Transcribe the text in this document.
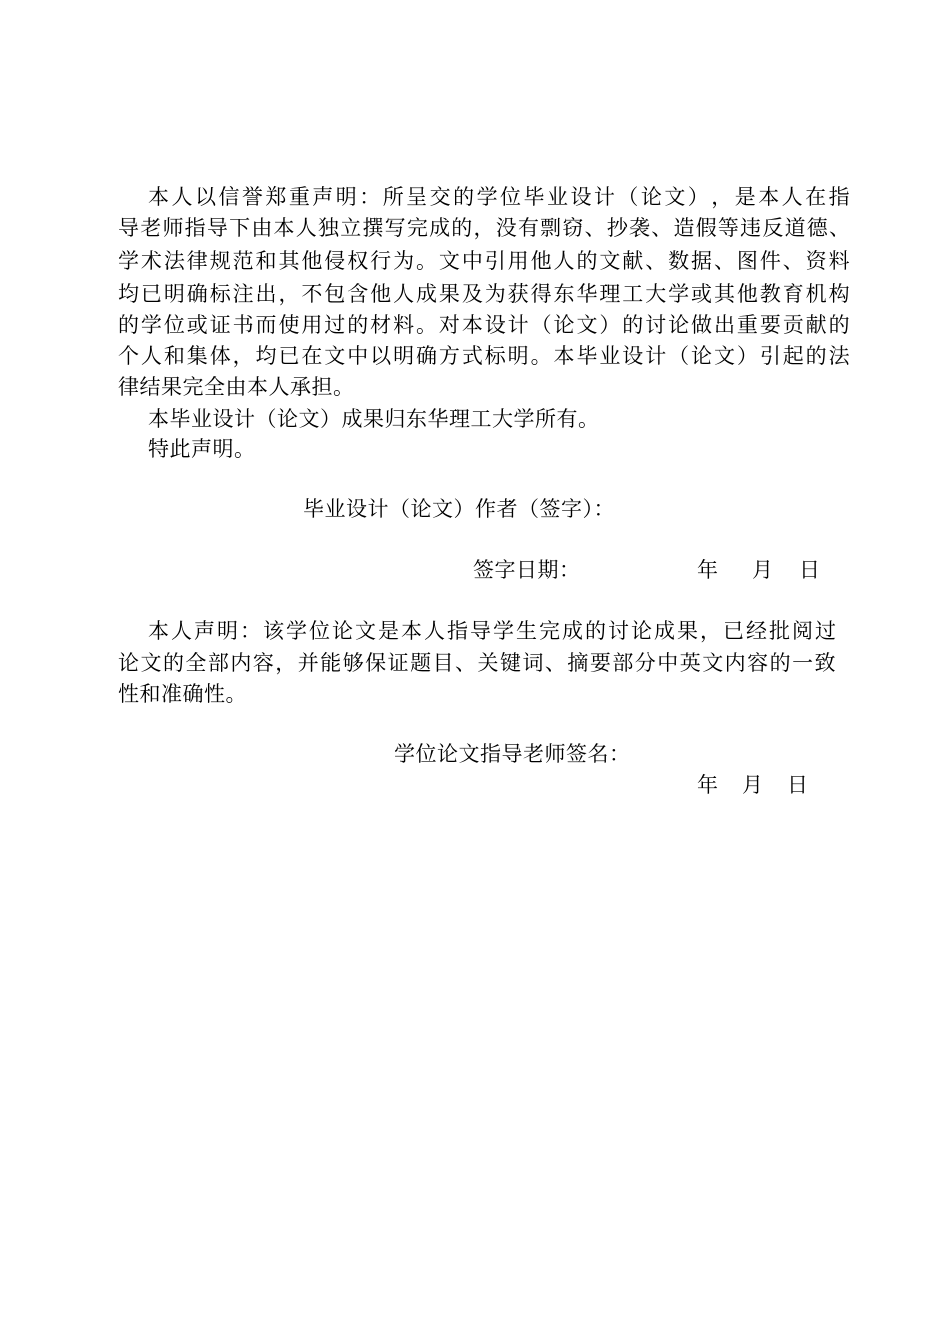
本 人 以 信 誉 郑 重 声 明 ： 所 呈 交 的 学 位 毕 业 设 计 （ 论 文 ） ， 是 本 人 在 指
导 老 师 指 导 下 由 本 人 独 立 撰 写 完 成 的 ， 没 有 剽 窃 、 抄 袭 、 造 假 等 违 反 道 德 、
学 术 法 律 规 范 和 其 他 侵 权 行 为 。 文 中 引 用 他 人 的 文 献 、 数 据 、 图 件 、 资 料
均 已 明 确 标 注 出 ， 不 包 含 他 人 成 果 及 为 获 得 东 华 理 工 大 学 或 其 他 教 育 机 构
的 学 位 或 证 书 而 使 用 过 的 材 料 。 对 本 设 计 （ 论 文 ） 的 讨 论 做 出 重 要 贡 献 的
个 人 和 集 体 ， 均 已 在 文 中 以 明 确 方 式 标 明 。 本 毕 业 设 计 （ 论 文 ） 引 起 的 法
律结果完全由本人承担。
本毕业设计（论文）成果归东华理工大学所有。
特此声明。
毕业设计（论文）作者（签字）：
签字日期：	年 月 日
本 人 声 明 ： 该 学 位 论 文 是 本 人 指 导 学 生 完 成 的 讨 论 成 果 ， 已 经 批 阅 过
论 文 的 全 部 内 容 ， 并 能 够 保 证 题 目 、 关 键 词 、 摘 要 部 分 中 英 文 内 容 的 一 致
性和准确性。
学位论文指导老师签名：
年 月 日
